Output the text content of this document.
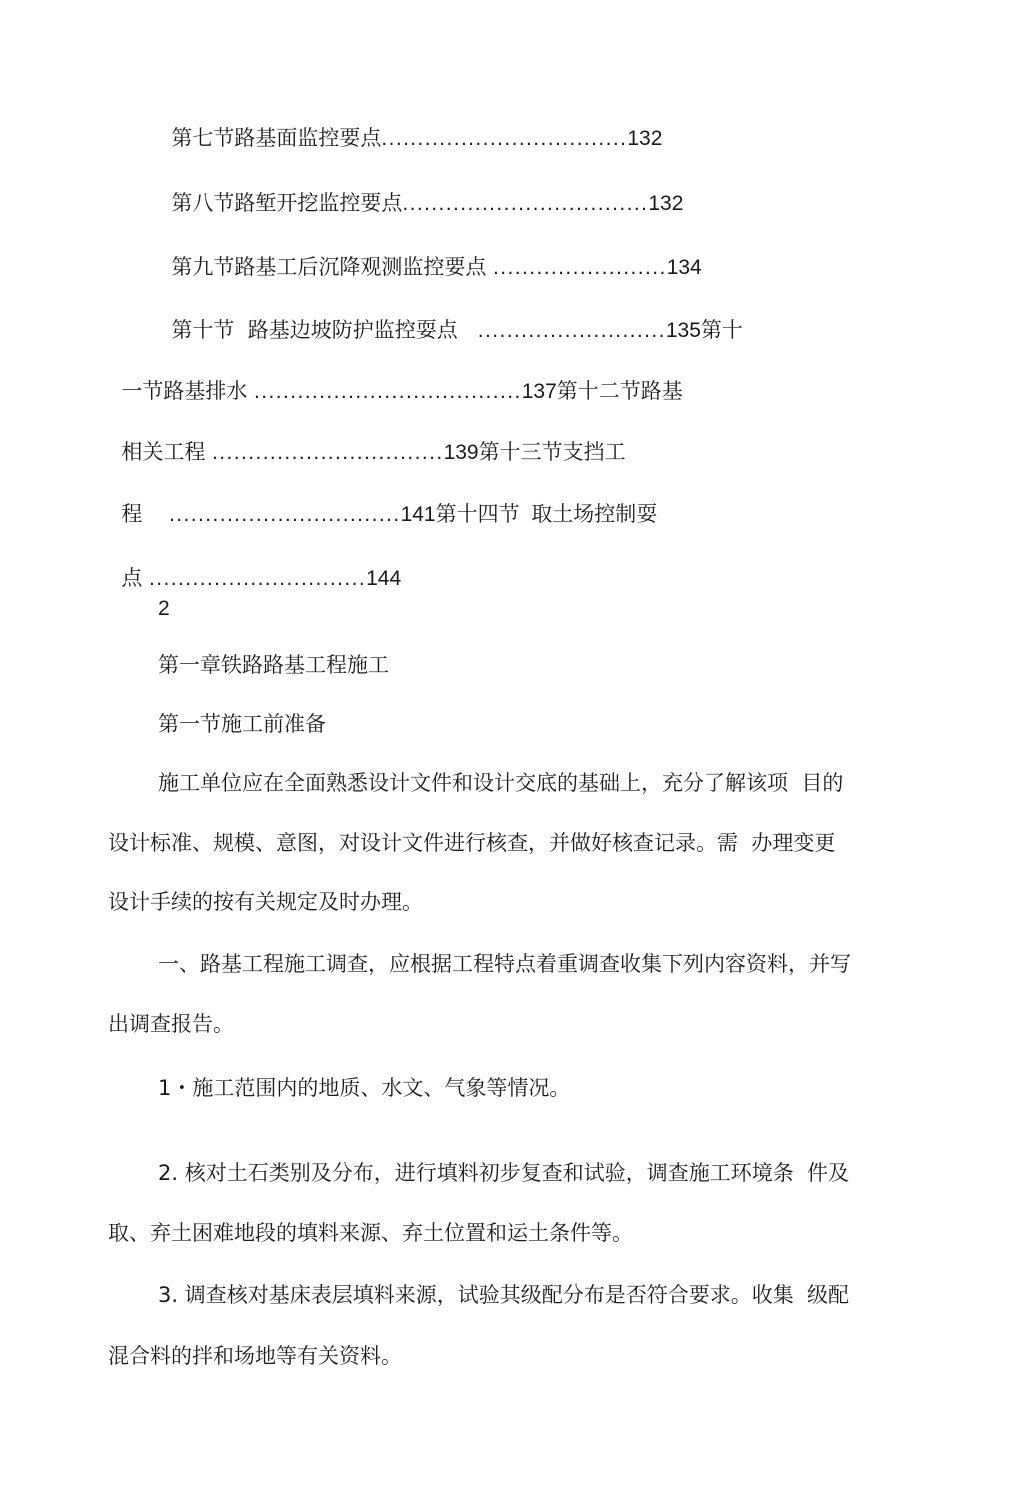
第七节路基面监控要点..................................132

第八节路堑开挖监控要点..................................132

第九节路基工后沉降观测监控要点 ........................134

第十节  路基边坡防护监控耍点   ..........................135第十

一节路基排水 .....................................137第十二节路基

相关工程 ................................139第十三节支挡工

程    ................................141第十四节  取土场控制耍

点 ..............................144

2
第一章铁路路基工程施工
第一节施工前准备
施工单位应在全面熟悉设计文件和设计交底的基础上，充分了解该项  目的
设计标准、规模、意图，对设计文件进行核查，并做好核查记录。需  办理变更
设计手续的按有关规定及时办理。
一、路基工程施工调查，应根据工程特点着重调查收集下列内容资料，并写
出调查报告。
1・施工范围内的地质、水文、气象等情况。
2. 核对土石类别及分布，进行填料初步复查和试验，调查施工环境条  件及
取、弃土困难地段的填料来源、弃土位置和运土条件等。
3. 调查核对基床表层填料来源，试验其级配分布是否符合要求。收集  级配
混合料的拌和场地等有关资料。
